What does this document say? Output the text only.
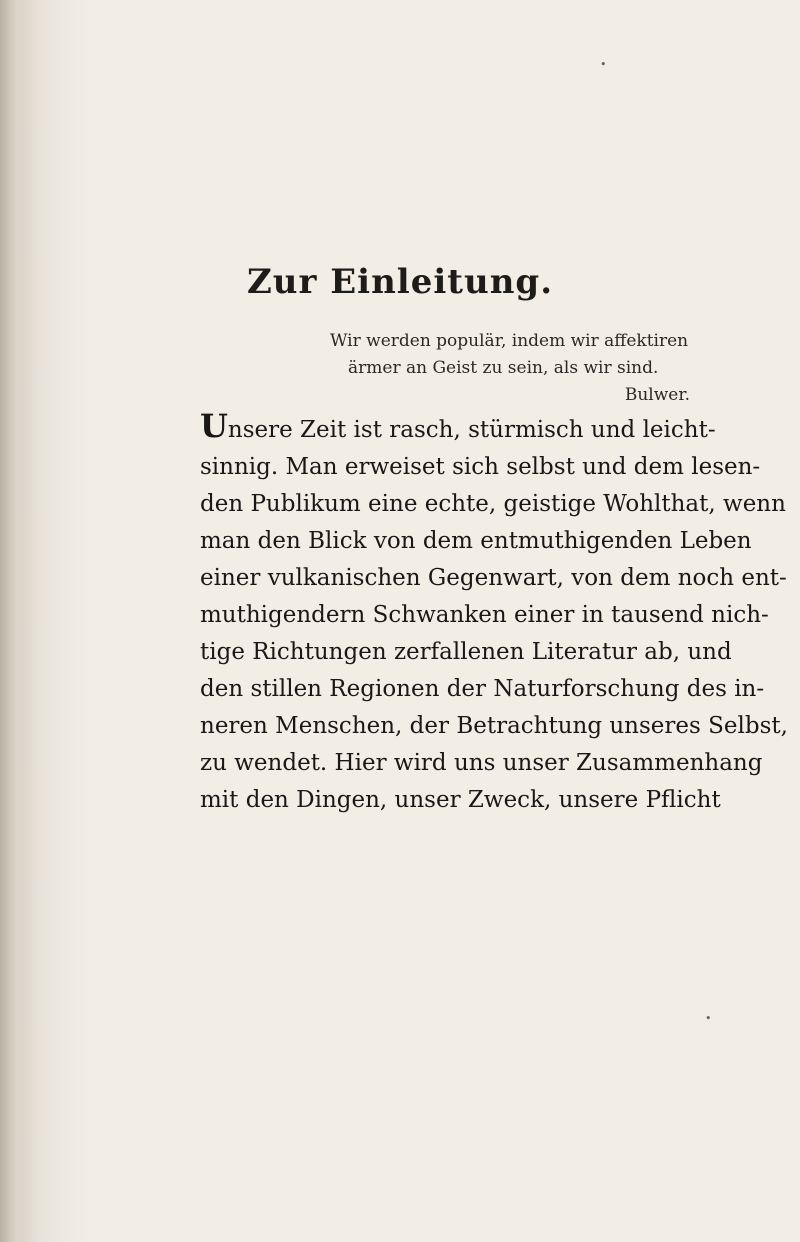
•
Zur Einleitung.
Wir werden populär, indem wir affektiren
ärmer an Geist zu sein, als wir sind.
Bulwer.
Unsere Zeit ist rasch, stürmisch und leicht-
sinnig. Man erweiset sich selbst und dem lesen-
den Publikum eine echte, geistige Wohlthat, wenn
man den Blick von dem entmuthigenden Leben
einer vulkanischen Gegenwart, von dem noch ent-
muthigendern Schwanken einer in tausend nich-
tige Richtungen zerfallenen Literatur ab, und
den stillen Regionen der Naturforschung des in-
neren Menschen, der Betrachtung unseres Selbst,
zu wendet. Hier wird uns unser Zusammenhang
mit den Dingen, unser Zweck, unsere Pflicht
•
